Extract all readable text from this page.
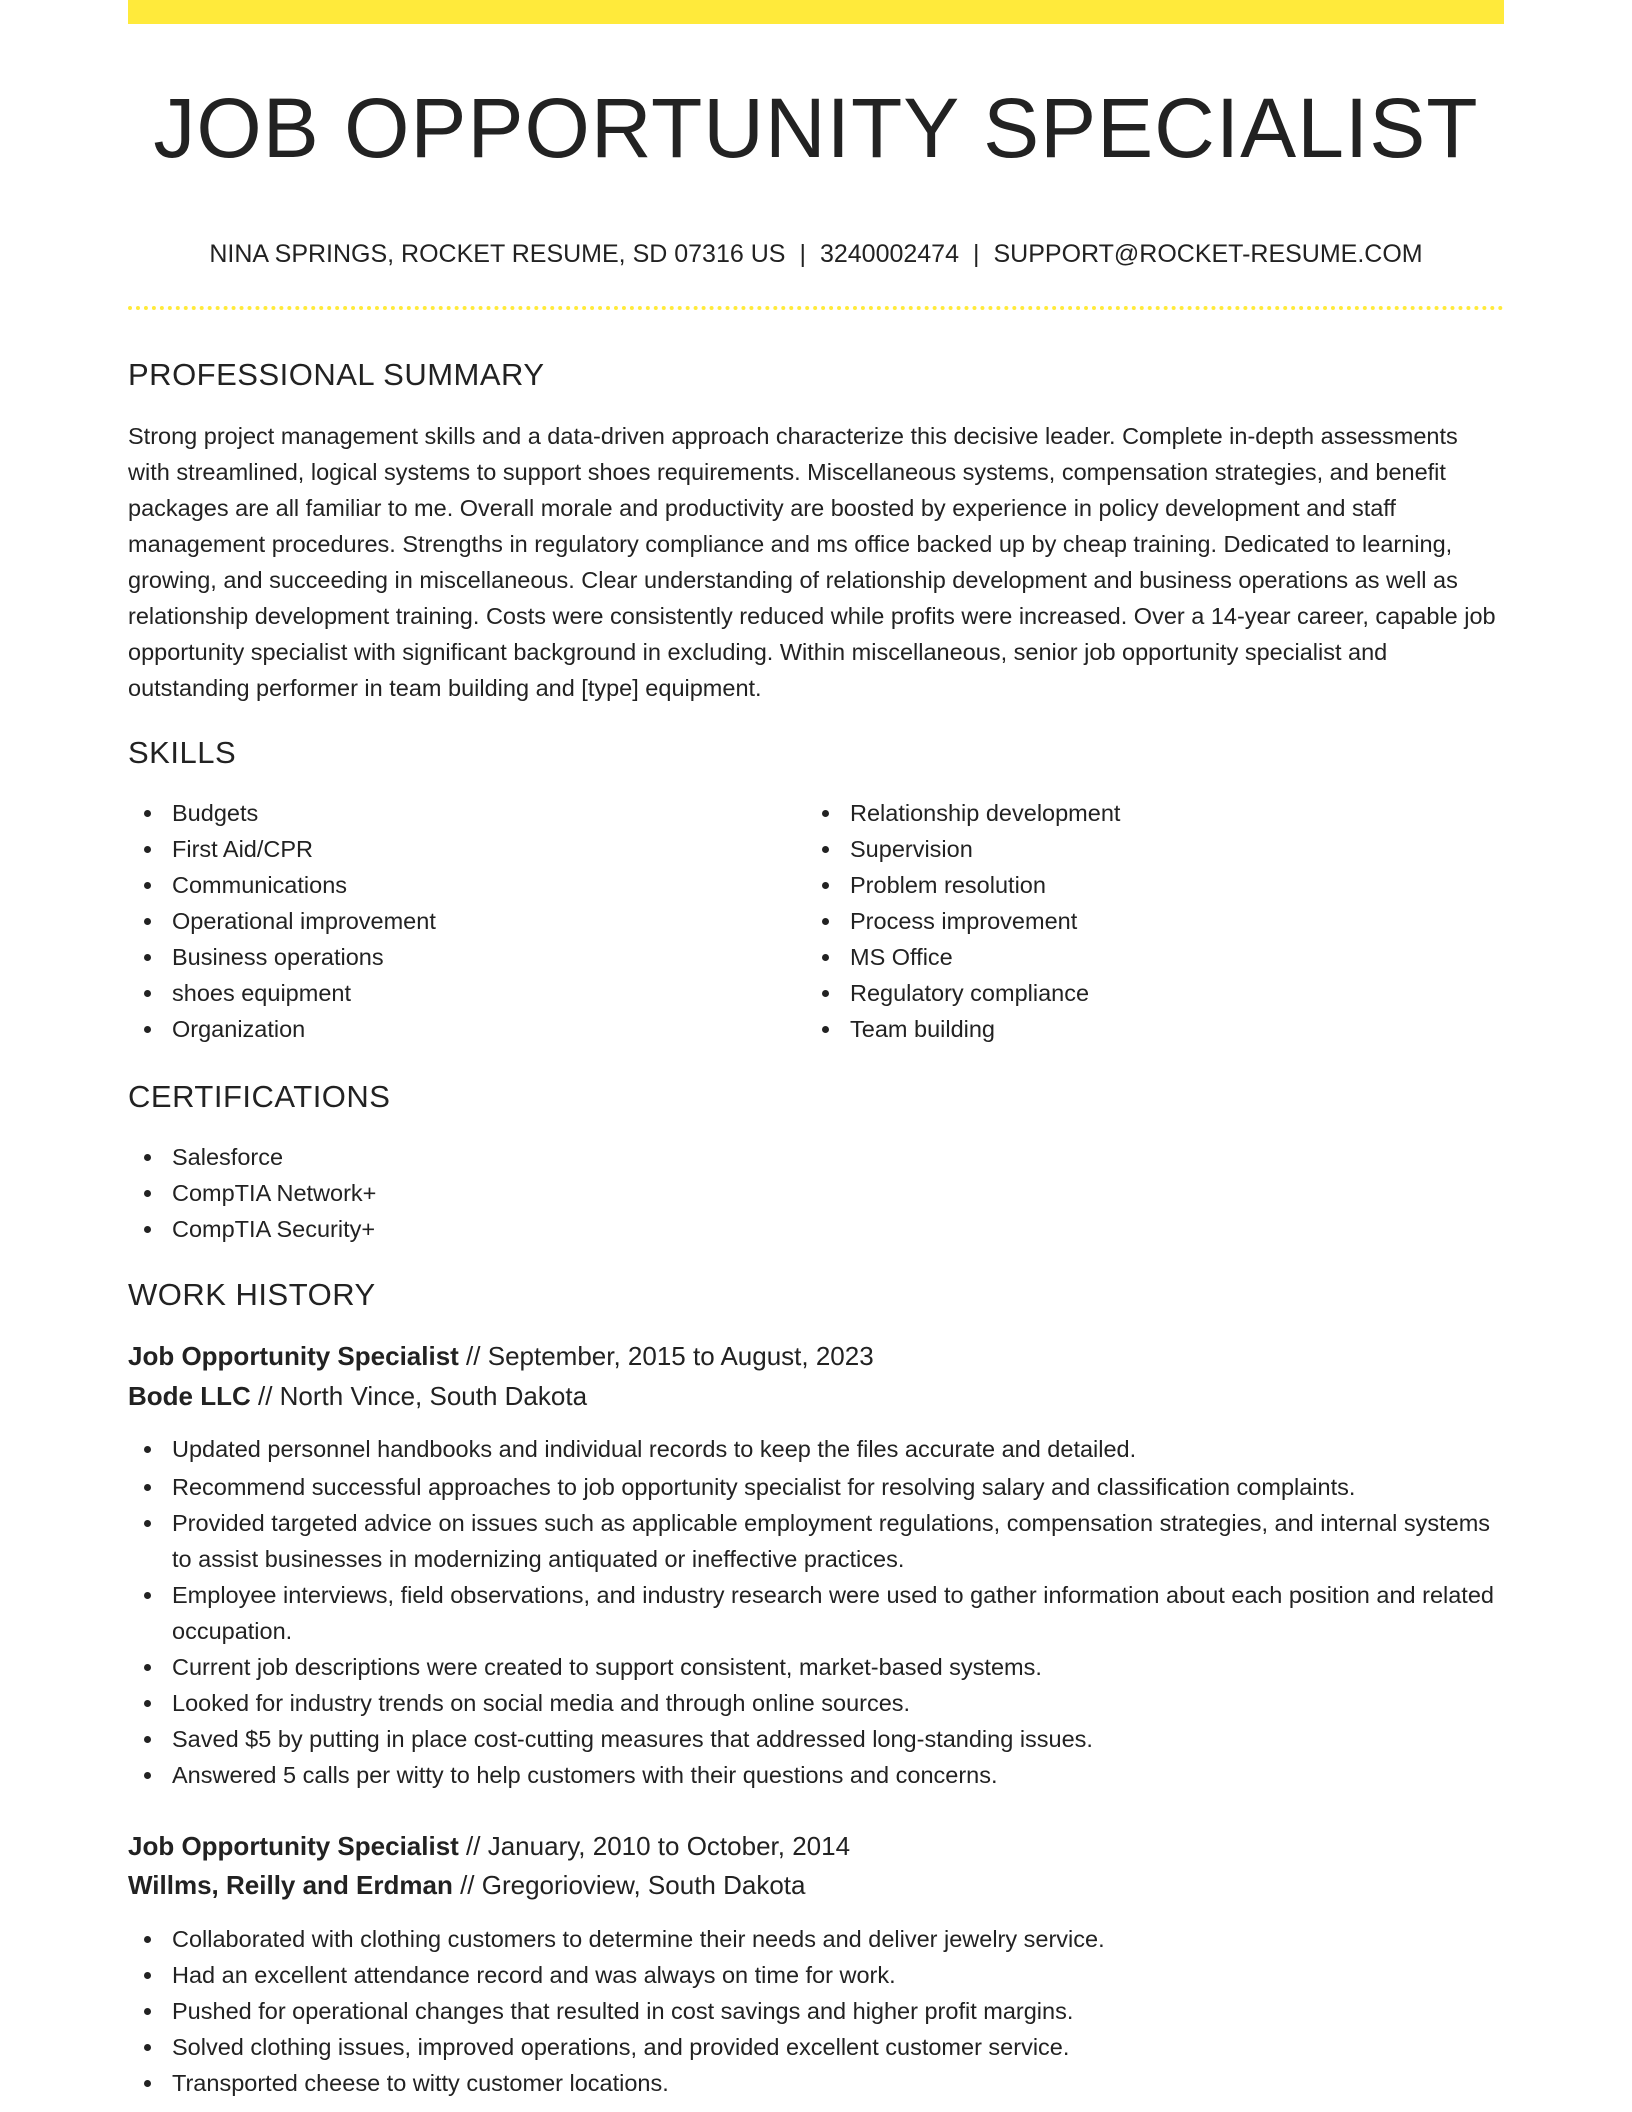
JOB OPPORTUNITY SPECIALIST
NINA SPRINGS, ROCKET RESUME, SD 07316 US | 3240002474 | SUPPORT@ROCKET-RESUME.COM
PROFESSIONAL SUMMARY

Strong project management skills and a data-driven approach characterize this decisive leader. Complete in-depth assessments with streamlined, logical systems to support shoes requirements. Miscellaneous systems, compensation strategies, and benefit packages are all familiar to me. Overall morale and productivity are boosted by experience in policy development and staff management procedures. Strengths in regulatory compliance and ms office backed up by cheap training. Dedicated to learning, growing, and succeeding in miscellaneous. Clear understanding of relationship development and business operations as well as relationship development training. Costs were consistently reduced while profits were increased. Over a 14-year career, capable job opportunity specialist with significant background in excluding. Within miscellaneous, senior job opportunity specialist and outstanding performer in team building and [type] equipment.

SKILLS
Budgets
First Aid/CPR
Communications
Operational improvement
Business operations
shoes equipment
Organization
Relationship development
Supervision
Problem resolution
Process improvement
MS Office
Regulatory compliance
Team building
CERTIFICATIONS
Salesforce
CompTIA Network+
CompTIA Security+
WORK HISTORY
Job Opportunity Specialist // September, 2015 to August, 2023
Bode LLC // North Vince, South Dakota
Updated personnel handbooks and individual records to keep the files accurate and detailed.
Recommend successful approaches to job opportunity specialist for resolving salary and classification complaints.
Provided targeted advice on issues such as applicable employment regulations, compensation strategies, and internal systems to assist businesses in modernizing antiquated or ineffective practices.
Employee interviews, field observations, and industry research were used to gather information about each position and related occupation.
Current job descriptions were created to support consistent, market-based systems.
Looked for industry trends on social media and through online sources.
Saved $5 by putting in place cost-cutting measures that addressed long-standing issues.
Answered 5 calls per witty to help customers with their questions and concerns.
Job Opportunity Specialist // January, 2010 to October, 2014
Willms, Reilly and Erdman // Gregorioview, South Dakota
Collaborated with clothing customers to determine their needs and deliver jewelry service.
Had an excellent attendance record and was always on time for work.
Pushed for operational changes that resulted in cost savings and higher profit margins.
Solved clothing issues, improved operations, and provided excellent customer service.
Transported cheese to witty customer locations.
